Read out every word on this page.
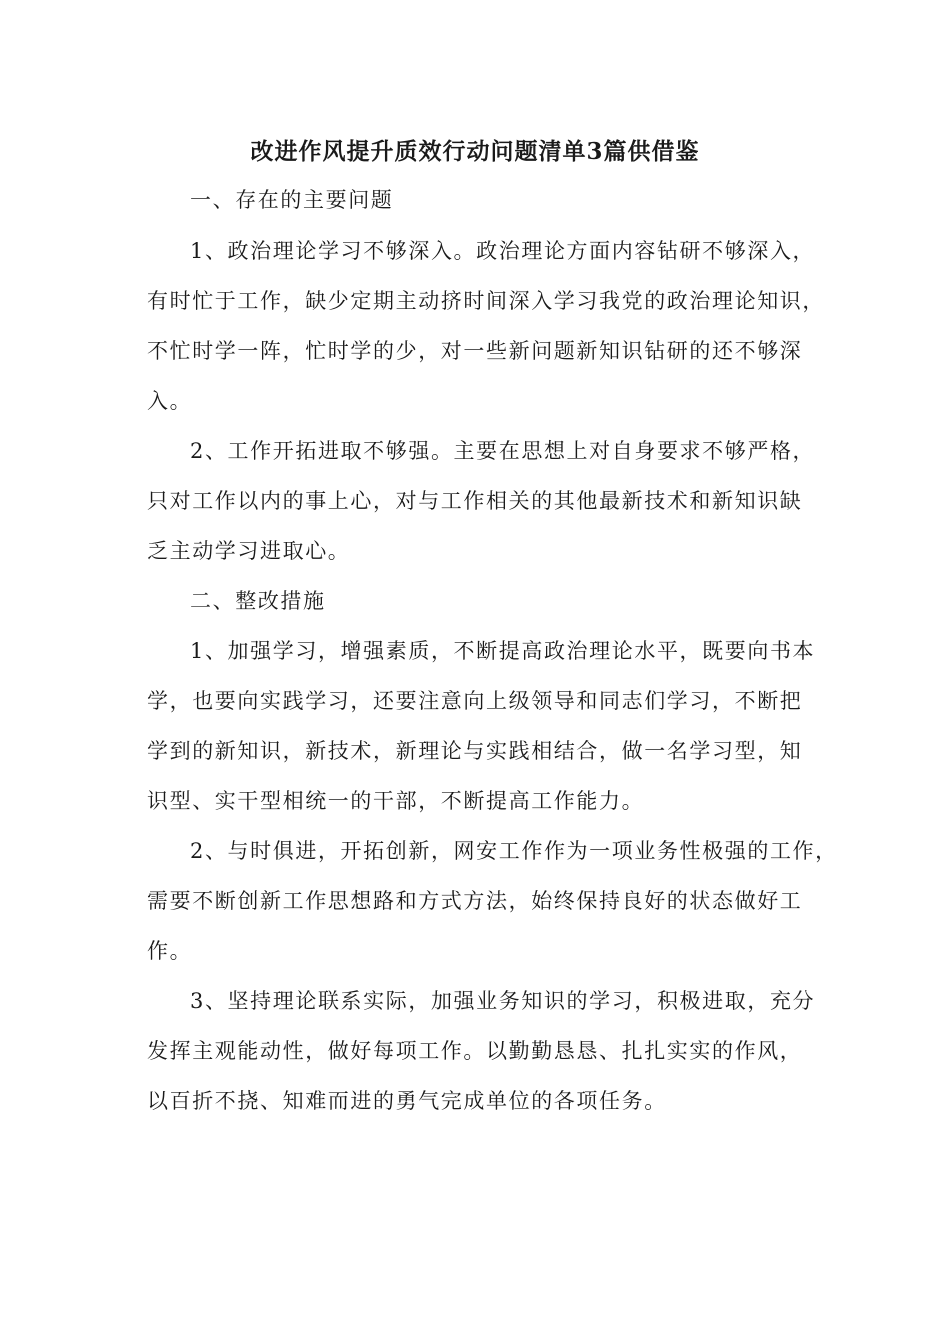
改进作风提升质效行动问题清单3篇供借鉴
一、存在的主要问题
1、政治理论学习不够深入。政治理论方面内容钻研不够深入，
有时忙于工作，缺少定期主动挤时间深入学习我党的政治理论知识，
不忙时学一阵，忙时学的少，对一些新问题新知识钻研的还不够深
入。
2、工作开拓进取不够强。主要在思想上对自身要求不够严格，
只对工作以内的事上心，对与工作相关的其他最新技术和新知识缺
乏主动学习进取心。
二、整改措施
1、加强学习，增强素质，不断提高政治理论水平，既要向书本
学，也要向实践学习，还要注意向上级领导和同志们学习，不断把
学到的新知识，新技术，新理论与实践相结合，做一名学习型，知
识型、实干型相统一的干部，不断提高工作能力。
2、与时俱进，开拓创新，网安工作作为一项业务性极强的工作，
需要不断创新工作思想路和方式方法，始终保持良好的状态做好工
作。
3、坚持理论联系实际，加强业务知识的学习，积极进取，充分
发挥主观能动性，做好每项工作。以勤勤恳恳、扎扎实实的作风，
以百折不挠、知难而进的勇气完成单位的各项任务。
